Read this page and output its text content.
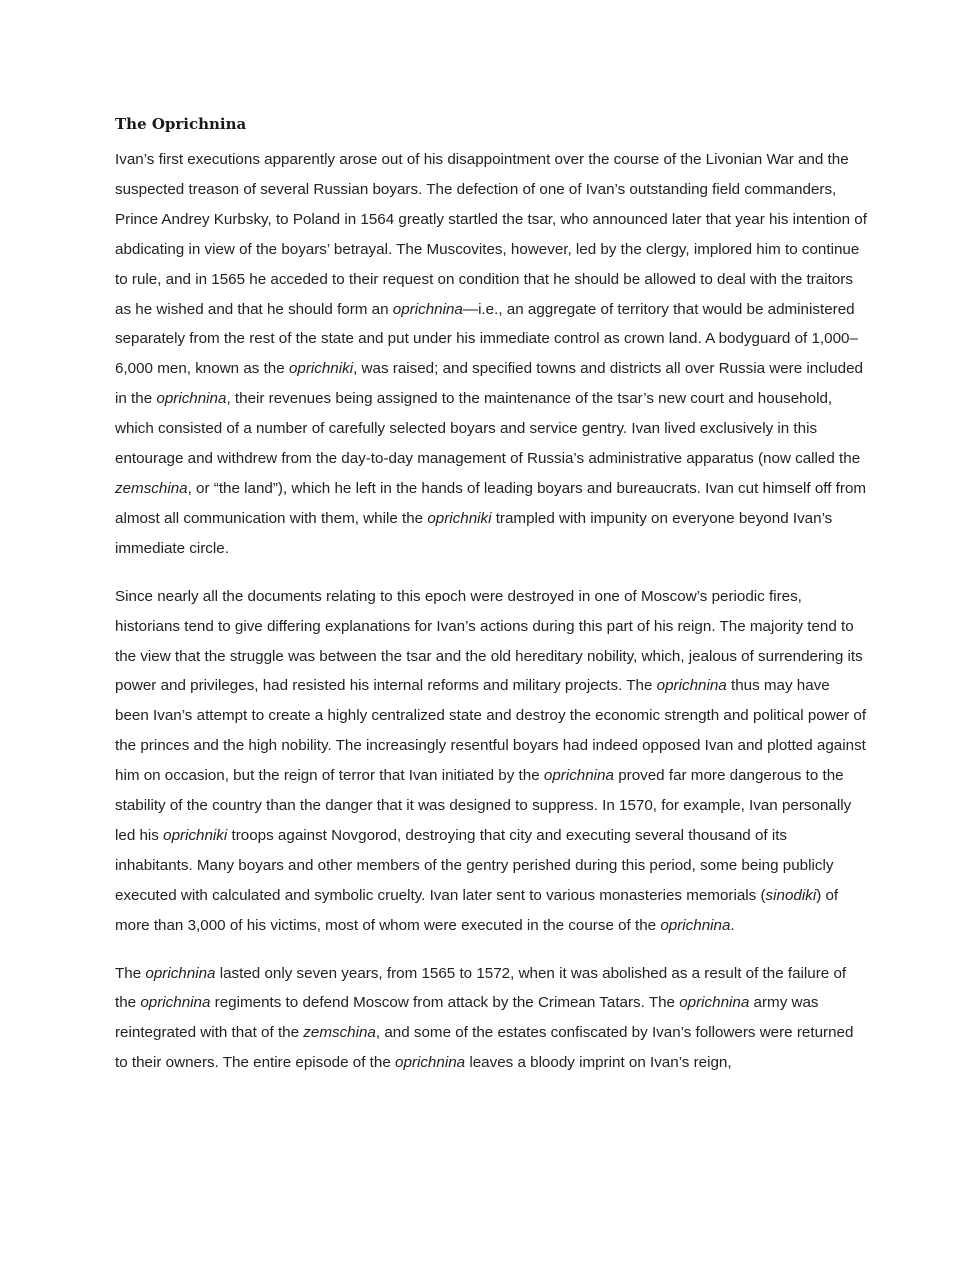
The Oprichnina

Ivan’s first executions apparently arose out of his disappointment over the course of the Livonian War and the suspected treason of several Russian boyars. The defection of one of Ivan’s outstanding field commanders, Prince Andrey Kurbsky, to Poland in 1564 greatly startled the tsar, who announced later that year his intention of abdicating in view of the boyars’ betrayal. The Muscovites, however, led by the clergy, implored him to continue to rule, and in 1565 he acceded to their request on condition that he should be allowed to deal with the traitors as he wished and that he should form an oprichnina—i.e., an aggregate of territory that would be administered separately from the rest of the state and put under his immediate control as crown land. A bodyguard of 1,000–6,000 men, known as the oprichniki, was raised; and specified towns and districts all over Russia were included in the oprichnina, their revenues being assigned to the maintenance of the tsar’s new court and household, which consisted of a number of carefully selected boyars and service gentry. Ivan lived exclusively in this entourage and withdrew from the day-to-day management of Russia’s administrative apparatus (now called the zemschina, or “the land”), which he left in the hands of leading boyars and bureaucrats. Ivan cut himself off from almost all communication with them, while the oprichniki trampled with impunity on everyone beyond Ivan’s immediate circle.

Since nearly all the documents relating to this epoch were destroyed in one of Moscow’s periodic fires, historians tend to give differing explanations for Ivan’s actions during this part of his reign. The majority tend to the view that the struggle was between the tsar and the old hereditary nobility, which, jealous of surrendering its power and privileges, had resisted his internal reforms and military projects. The oprichnina thus may have been Ivan’s attempt to create a highly centralized state and destroy the economic strength and political power of the princes and the high nobility. The increasingly resentful boyars had indeed opposed Ivan and plotted against him on occasion, but the reign of terror that Ivan initiated by the oprichnina proved far more dangerous to the stability of the country than the danger that it was designed to suppress. In 1570, for example, Ivan personally led his oprichniki troops against Novgorod, destroying that city and executing several thousand of its inhabitants. Many boyars and other members of the gentry perished during this period, some being publicly executed with calculated and symbolic cruelty. Ivan later sent to various monasteries memorials (sinodiki) of more than 3,000 of his victims, most of whom were executed in the course of the oprichnina.

The oprichnina lasted only seven years, from 1565 to 1572, when it was abolished as a result of the failure of the oprichnina regiments to defend Moscow from attack by the Crimean Tatars. The oprichnina army was reintegrated with that of the zemschina, and some of the estates confiscated by Ivan’s followers were returned to their owners. The entire episode of the oprichnina leaves a bloody imprint on Ivan’s reign,
